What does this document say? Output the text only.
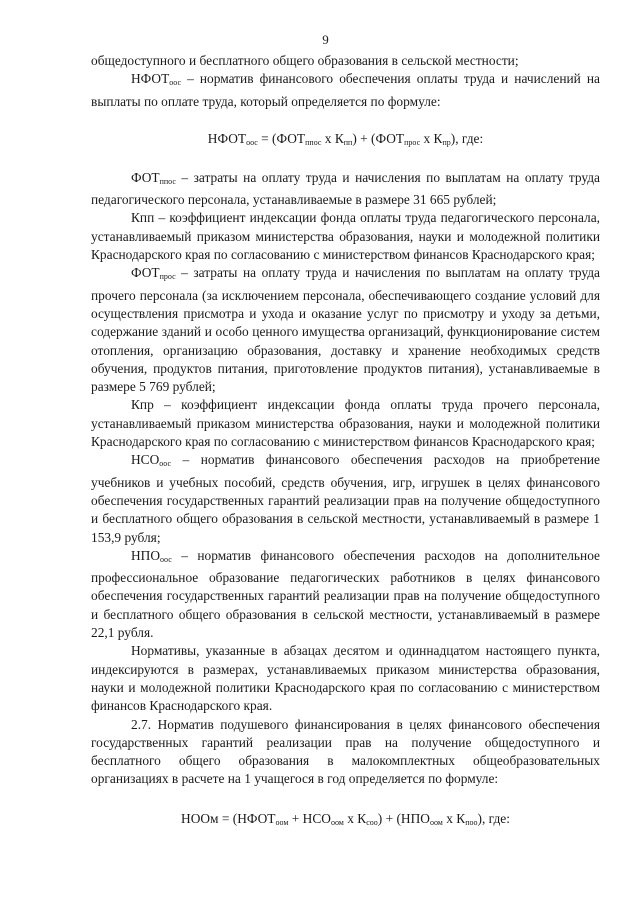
9

общедоступного и бесплатного общего образования в сельской местности;

$НФОТ_{оос}$ – норматив финансового обеспечения оплаты труда и начислений на выплаты по оплате труда, который определяется по формуле:

$НФОТ_{оос} = (ФОТ_{ппос}$ x $К_{пп}) + (ФОТ_{прос}$ x $К_{пр}$), где:

$ФОТ_{ппос}$ – затраты на оплату труда и начисления по выплатам на оплату труда педагогического персонала, устанавливаемые в размере 31 665 рублей;

Кпп – коэффициент индексации фонда оплаты труда педагогического персонала, устанавливаемый приказом министерства образования, науки и молодежной политики Краснодарского края по согласованию с министерством финансов Краснодарского края;

$ФОТ_{прос}$ – затраты на оплату труда и начисления по выплатам на оплату труда прочего персонала (за исключением персонала, обеспечивающего создание условий для осуществления присмотра и ухода и оказание услуг по присмотру и уходу за детьми, содержание зданий и особо ценного имущества организаций, функционирование систем отопления, организацию образования, доставку и хранение необходимых средств обучения, продуктов питания, приготовление продуктов питания), устанавливаемые в размере 5 769 рублей;

Кпр – коэффициент индексации фонда оплаты труда прочего персонала, устанавливаемый приказом министерства образования, науки и молодежной политики Краснодарского края по согласованию с министерством финансов Краснодарского края;

$НСО_{оос}$ – норматив финансового обеспечения расходов на приобретение учебников и учебных пособий, средств обучения, игр, игрушек в целях финансового обеспечения государственных гарантий реализации прав на получение общедоступного и бесплатного общего образования в сельской местности, устанавливаемый в размере 1 153,9 рубля;

$НПО_{оос}$ – норматив финансового обеспечения расходов на дополнительное профессиональное образование педагогических работников в целях финансового обеспечения государственных гарантий реализации прав на получение общедоступного и бесплатного общего образования в сельской местности, устанавливаемый в размере 22,1 рубля.

Нормативы, указанные в абзацах десятом и одиннадцатом настоящего пункта, индексируются в размерах, устанавливаемых приказом министерства образования, науки и молодежной политики Краснодарского края по согласованию с министерством финансов Краснодарского края.

2.7. Норматив подушевого финансирования в целях финансового обеспечения государственных гарантий реализации прав на получение общедоступного и бесплатного общего образования в малокомплектных общеобразовательных организациях в расчете на 1 учащегося в год определяется по формуле:

НООм = ($НФОТ_{оом} + НСО_{оом}$ x $К_{соо}) + (НПО_{оом}$ x $К_{поо}$), где:
